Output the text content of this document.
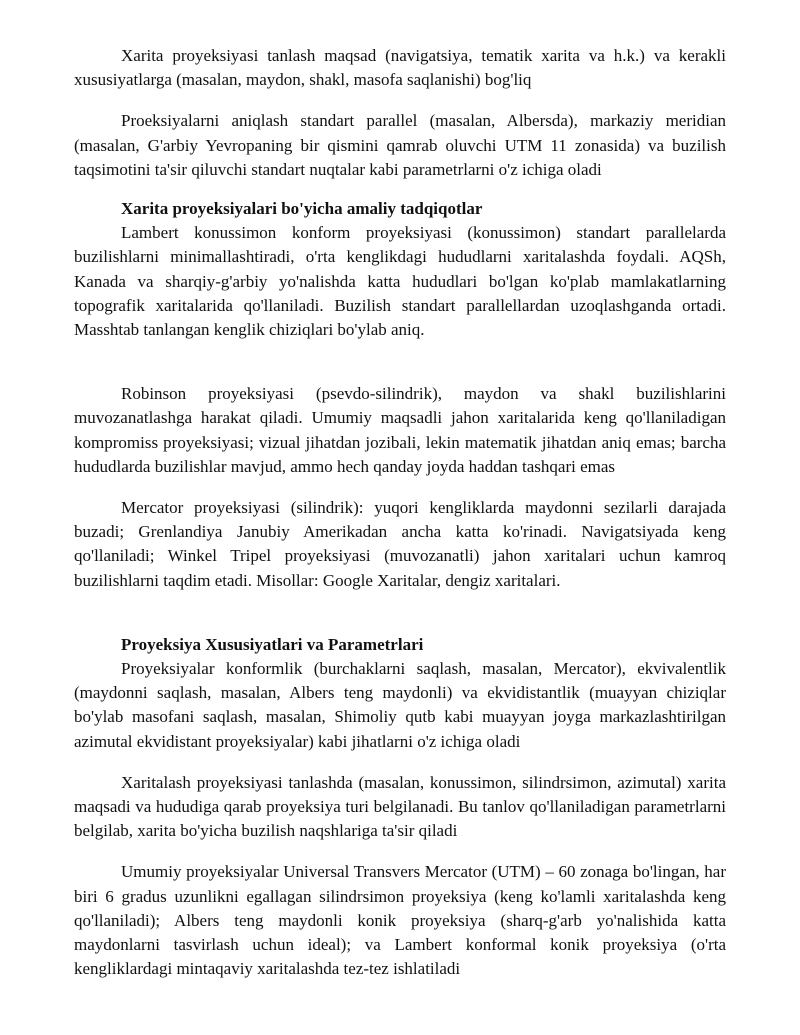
Xarita proyeksiyasi tanlash maqsad (navigatsiya, tematik xarita va h.k.) va kerakli xususiyatlarga (masalan, maydon, shakl, masofa saqlanishi) bog'liq

Proeksiyalarni aniqlash standart parallel (masalan, Albersda), markaziy meridian (masalan, G'arbiy Yevropaning bir qismini qamrab oluvchi UTM 11 zonasida) va buzilish taqsimotini ta'sir qiluvchi standart nuqtalar kabi parametrlarni o'z ichiga oladi

Xarita proyeksiyalari bo'yicha amaliy tadqiqotlar

Lambert konussimon konform proyeksiyasi (konussimon) standart parallelarda buzilishlarni minimallashtiradi, o'rta kenglikdagi hududlarni xaritalashda foydali. AQSh, Kanada va sharqiy-g'arbiy yo'nalishda katta hududlari bo'lgan ko'plab mamlakatlarning topografik xaritalarida qo'llaniladi. Buzilish standart parallellardan uzoqlashganda ortadi. Masshtab tanlangan kenglik chiziqlari bo'ylab aniq.

Robinson proyeksiyasi (psevdo-silindrik), maydon va shakl buzilishlarini muvozanatlashga harakat qiladi. Umumiy maqsadli jahon xaritalarida keng qo'llaniladigan kompromiss proyeksiyasi; vizual jihatdan jozibali, lekin matematik jihatdan aniq emas; barcha hududlarda buzilishlar mavjud, ammo hech qanday joyda haddan tashqari emas

Mercator proyeksiyasi (silindrik): yuqori kengliklarda maydonni sezilarli darajada buzadi; Grenlandiya Janubiy Amerikadan ancha katta ko'rinadi. Navigatsiyada keng qo'llaniladi; Winkel Tripel proyeksiyasi (muvozanatli) jahon xaritalari uchun kamroq buzilishlarni taqdim etadi. Misollar: Google Xaritalar, dengiz xaritalari.

Proyeksiya Xususiyatlari va Parametrlari

Proyeksiyalar konformlik (burchaklarni saqlash, masalan, Mercator), ekvivalentlik (maydonni saqlash, masalan, Albers teng maydonli) va ekvidistantlik (muayyan chiziqlar bo'ylab masofani saqlash, masalan, Shimoliy qutb kabi muayyan joyga markazlashtirilgan azimutal ekvidistant proyeksiyalar) kabi jihatlarni o'z ichiga oladi

Xaritalash proyeksiyasi tanlashda (masalan, konussimon, silindrsimon, azimutal) xarita maqsadi va hududiga qarab proyeksiya turi belgilanadi. Bu tanlov qo'llaniladigan parametrlarni belgilab, xarita bo'yicha buzilish naqshlariga ta'sir qiladi

Umumiy proyeksiyalar Universal Transvers Mercator (UTM) – 60 zonaga bo'lingan, har biri 6 gradus uzunlikni egallagan silindrsimon proyeksiya (keng ko'lamli xaritalashda keng qo'llaniladi); Albers teng maydonli konik proyeksiya (sharq-g'arb yo'nalishida katta maydonlarni tasvirlash uchun ideal); va Lambert konformal konik proyeksiya (o'rta kengliklardagi mintaqaviy xaritalashda tez-tez ishlatiladi
